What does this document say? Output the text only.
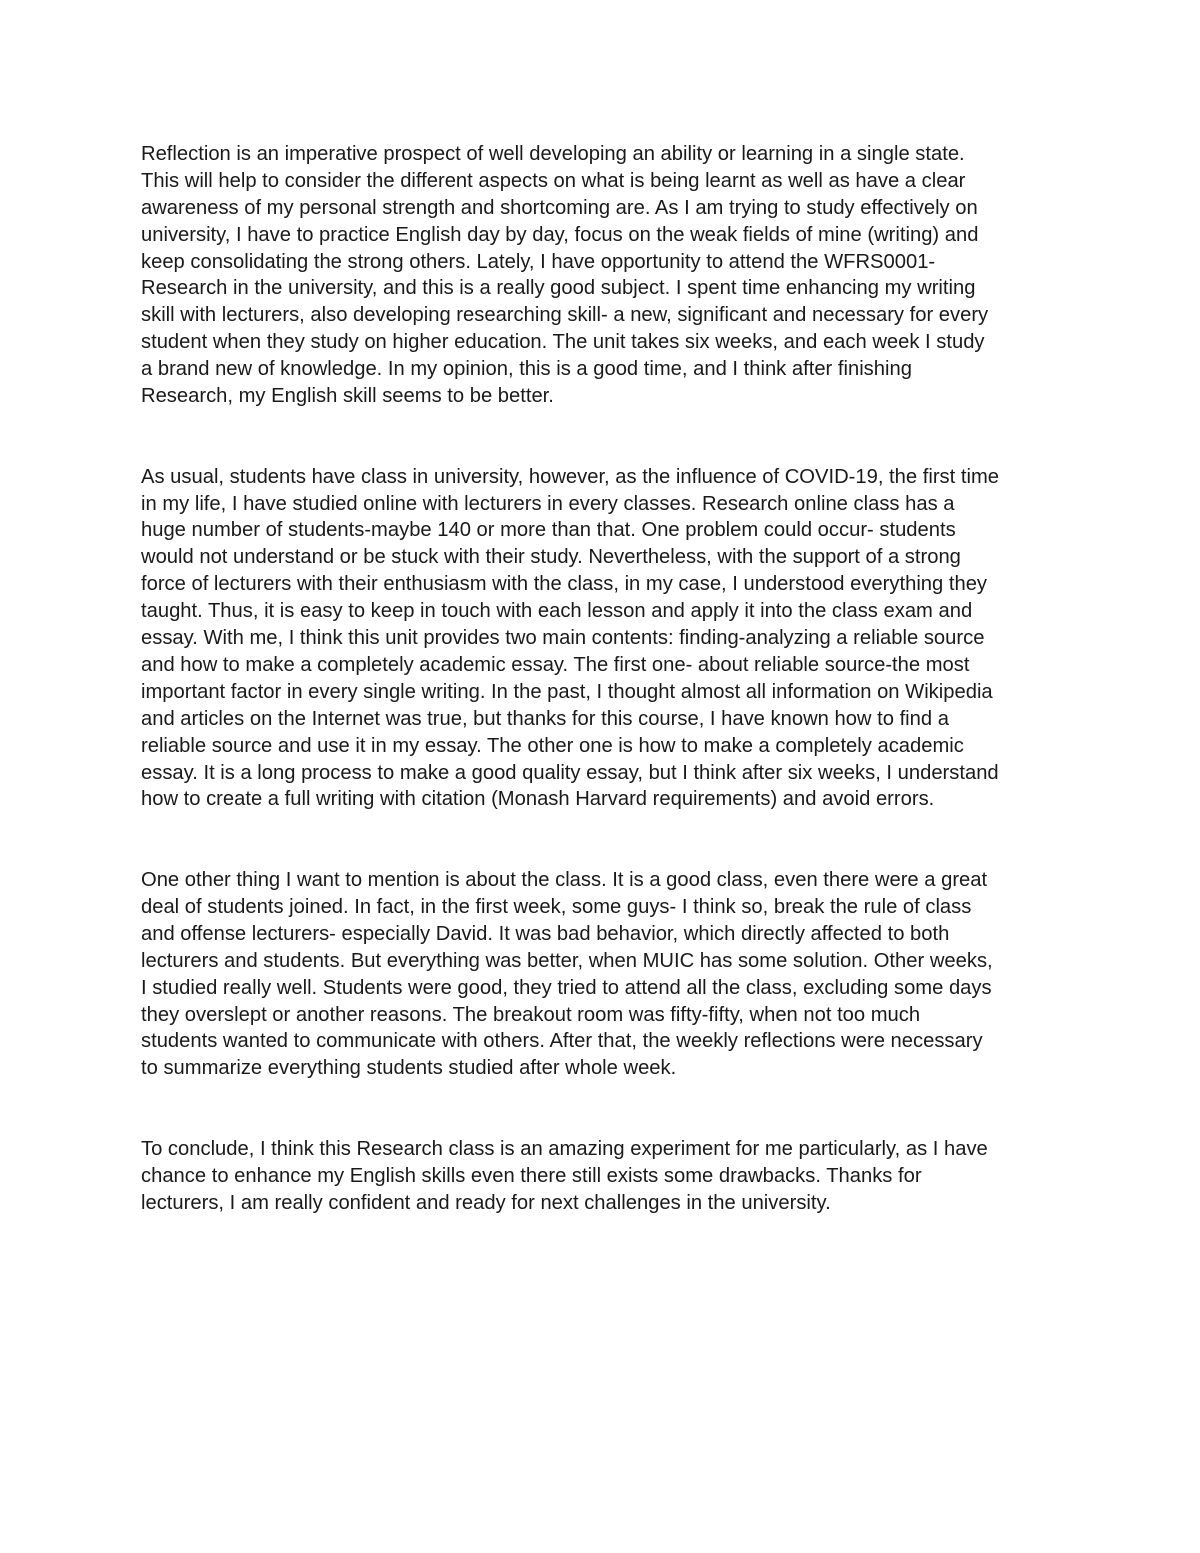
Reflection is an imperative prospect of well developing an ability or learning in a single state.
This will help to consider the different aspects on what is being learnt as well as have a clear
awareness of my personal strength and shortcoming are. As I am trying to study effectively on
university, I have to practice English day by day, focus on the weak fields of mine (writing) and
keep consolidating the strong others. Lately, I have opportunity to attend the WFRS0001-
Research in the university, and this is a really good subject. I spent time enhancing my writing
skill with lecturers, also developing researching skill- a new, significant and necessary for every
student when they study on higher education. The unit takes six weeks, and each week I study
a brand new of knowledge. In my opinion, this is a good time, and I think after finishing
Research, my English skill seems to be better.

As usual, students have class in university, however, as the influence of COVID-19, the first time
in my life, I have studied online with lecturers in every classes. Research online class has a
huge number of students-maybe 140 or more than that. One problem could occur- students
would not understand or be stuck with their study. Nevertheless, with the support of a strong
force of lecturers with their enthusiasm with the class, in my case, I understood everything they
taught. Thus, it is easy to keep in touch with each lesson and apply it into the class exam and
essay. With me, I think this unit provides two main contents: finding-analyzing a reliable source
and how to make a completely academic essay. The first one- about reliable source-the most
important factor in every single writing. In the past, I thought almost all information on Wikipedia
and articles on the Internet was true, but thanks for this course, I have known how to find a
reliable source and use it in my essay. The other one is how to make a completely academic
essay. It is a long process to make a good quality essay, but I think after six weeks, I understand
how to create a full writing with citation (Monash Harvard requirements) and avoid errors.

One other thing I want to mention is about the class. It is a good class, even there were a great
deal of students joined. In fact, in the first week, some guys- I think so, break the rule of class
and offense lecturers- especially David. It was bad behavior, which directly affected to both
lecturers and students. But everything was better, when MUIC has some solution. Other weeks,
I studied really well. Students were good, they tried to attend all the class, excluding some days
they overslept or another reasons. The breakout room was fifty-fifty, when not too much
students wanted to communicate with others. After that, the weekly reflections were necessary
to summarize everything students studied after whole week.

To conclude, I think this Research class is an amazing experiment for me particularly, as I have
chance to enhance my English skills even there still exists some drawbacks. Thanks for
lecturers, I am really confident and ready for next challenges in the university.
